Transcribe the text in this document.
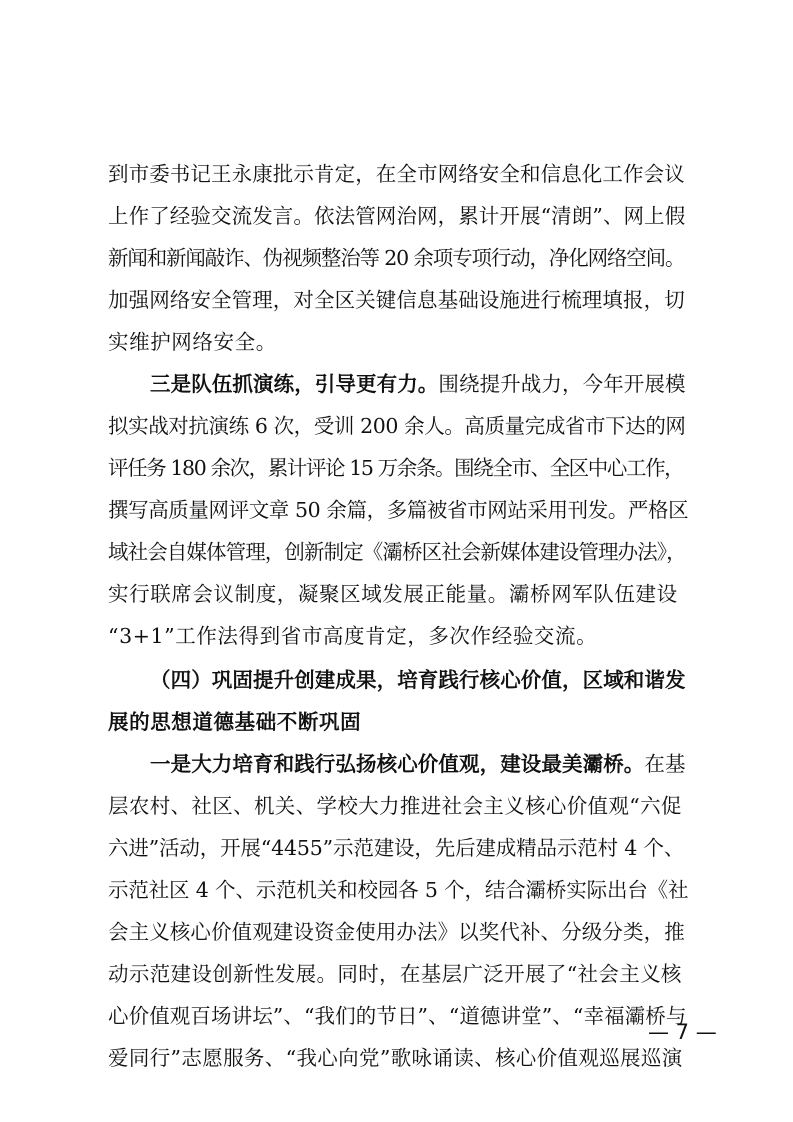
到市委书记王永康批示肯定，在全市网络安全和信息化工作会议
上作了经验交流发言。依法管网治网，累计开展“清朗”、网上假
新闻和新闻敲诈、伪视频整治等 20 余项专项行动，净化网络空间。
加强网络安全管理，对全区关键信息基础设施进行梳理填报，切
实维护网络安全。
三是队伍抓演练，引导更有力。围绕提升战力，今年开展模
拟实战对抗演练 6 次，受训 200 余人。高质量完成省市下达的网
评任务 180 余次，累计评论 15 万余条。围绕全市、全区中心工作，
撰写高质量网评文章 50 余篇，多篇被省市网站采用刊发。严格区
域社会自媒体管理，创新制定《灞桥区社会新媒体建设管理办法》，
实行联席会议制度，凝聚区域发展正能量。灞桥网军队伍建设
“3+1”工作法得到省市高度肯定，多次作经验交流。
（四）巩固提升创建成果，培育践行核心价值，区域和谐发
展的思想道德基础不断巩固
一是大力培育和践行弘扬核心价值观，建设最美灞桥。在基
层农村、社区、机关、学校大力推进社会主义核心价值观“六促
六进”活动，开展“4455”示范建设，先后建成精品示范村 4 个、
示范社区 4 个、示范机关和校园各 5 个，结合灞桥实际出台《社
会主义核心价值观建设资金使用办法》以奖代补、分级分类，推
动示范建设创新性发展。同时，在基层广泛开展了“社会主义核
心价值观百场讲坛”、“我们的节日”、“道德讲堂”、“幸福灞桥与
爱同行”志愿服务、“我心向党”歌咏诵读、核心价值观巡展巡演
— 7 —
